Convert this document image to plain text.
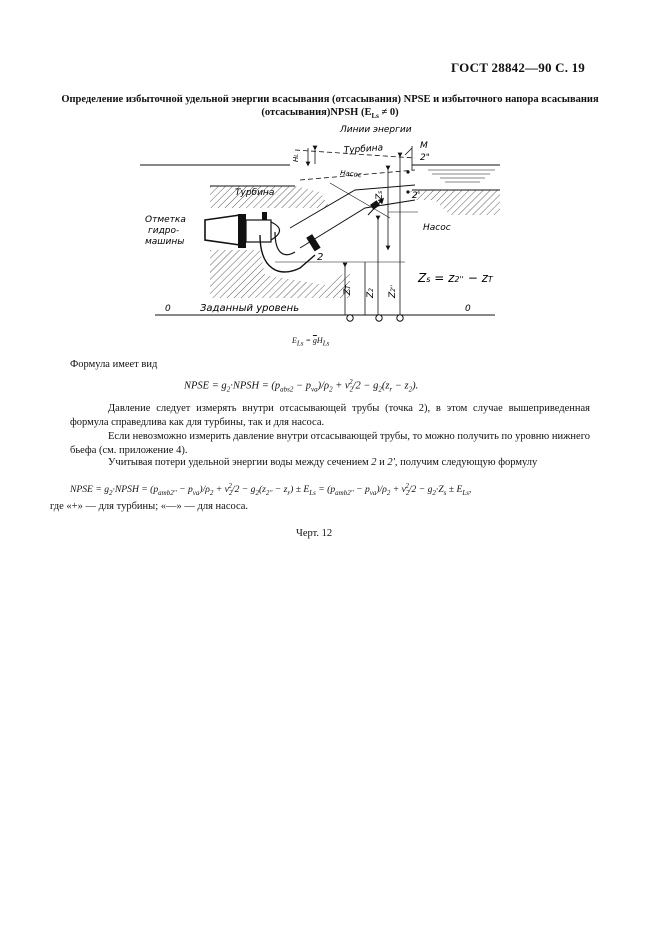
ГОСТ 28842—90 С. 19
Определение избыточной удельной энергии всасывания (отсасывания) NPSE и избыточного напора всасывания
(отсасывания)NPSH $(E_{Ls} \ne 0)$
Линии энергии
Турбина
Насос
М
2"
2'
Насос
Турбина
Отметка
гидро-
машины
2
0	0
Заданный уровень
HL
Zs
ZT
Z2
Z2''
Zs = z2'' − zT
$E_{Ls} = \overline{g}H_{Ls}$
Формула имеет вид
NPSE = $g_2\cdot NPSH = (p_{abs2} - p_{va})/\rho_2 + v_2^2/2 - g_2(z_r - z_2)$.
Давление следует измерять внутри отсасывающей трубы (точка 2), в этом случае вышеприведенная формула справедлива как для турбины, так и для насоса.
Если невозможно измерить давление внутри отсасывающей трубы, то можно получить по уровню нижнего бьефа (см. приложение 4).
Учитывая потери удельной энергии воды между сечением 2 и 2', получим следующую формулу
NPSE = $g_2\cdot NPSH = (p_{amb2''} - p_{va})/\rho_2 + v_2^2/2 - g_2(z_{2''} - z_r) \pm E_{Ls} = (p_{amb2''} - p_{va})/\rho_2 + v_2^2/2 - g_2\cdot Z_s \pm E_{Ls}$,
где «+» — для турбины; «—» — для насоса.
Черт. 12
